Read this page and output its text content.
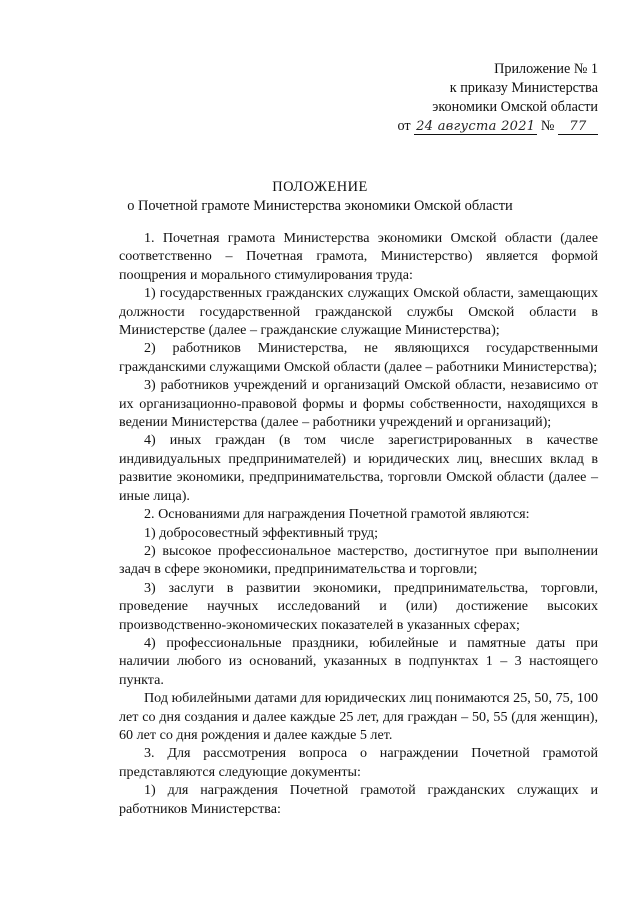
Приложение № 1
к приказу Министерства
экономики Омской области
от 24 августа 2021 № 77
ПОЛОЖЕНИЕ
о Почетной грамоте Министерства экономики Омской области

1. Почетная грамота Министерства экономики Омской области (далее соответственно – Почетная грамота, Министерство) является формой поощрения и морального стимулирования труда:

1) государственных гражданских служащих Омской области, замещающих должности государственной гражданской службы Омской области в Министерстве (далее – гражданские служащие Министерства);

2) работников Министерства, не являющихся государственными гражданскими служащими Омской области (далее – работники Министерства);

3) работников учреждений и организаций Омской области, независимо от их организационно-правовой формы и формы собственности, находящихся в ведении Министерства (далее – работники учреждений и организаций);

4) иных граждан (в том числе зарегистрированных в качестве индивидуальных предпринимателей) и юридических лиц, внесших вклад в развитие экономики, предпринимательства, торговли Омской области (далее – иные лица).

2. Основаниями для награждения Почетной грамотой являются:

1) добросовестный эффективный труд;

2) высокое профессиональное мастерство, достигнутое при выполнении задач в сфере экономики, предпринимательства и торговли;

3) заслуги в развитии экономики, предпринимательства, торговли, проведение научных исследований и (или) достижение высоких производственно-экономических показателей в указанных сферах;

4) профессиональные праздники, юбилейные и памятные даты при наличии любого из оснований, указанных в подпунктах 1 – 3 настоящего пункта.

Под юбилейными датами для юридических лиц понимаются 25, 50, 75, 100 лет со дня создания и далее каждые 25 лет, для граждан – 50, 55 (для женщин), 60 лет со дня рождения и далее каждые 5 лет.

3. Для рассмотрения вопроса о награждении Почетной грамотой представляются следующие документы:

1) для награждения Почетной грамотой гражданских служащих и работников Министерства:
